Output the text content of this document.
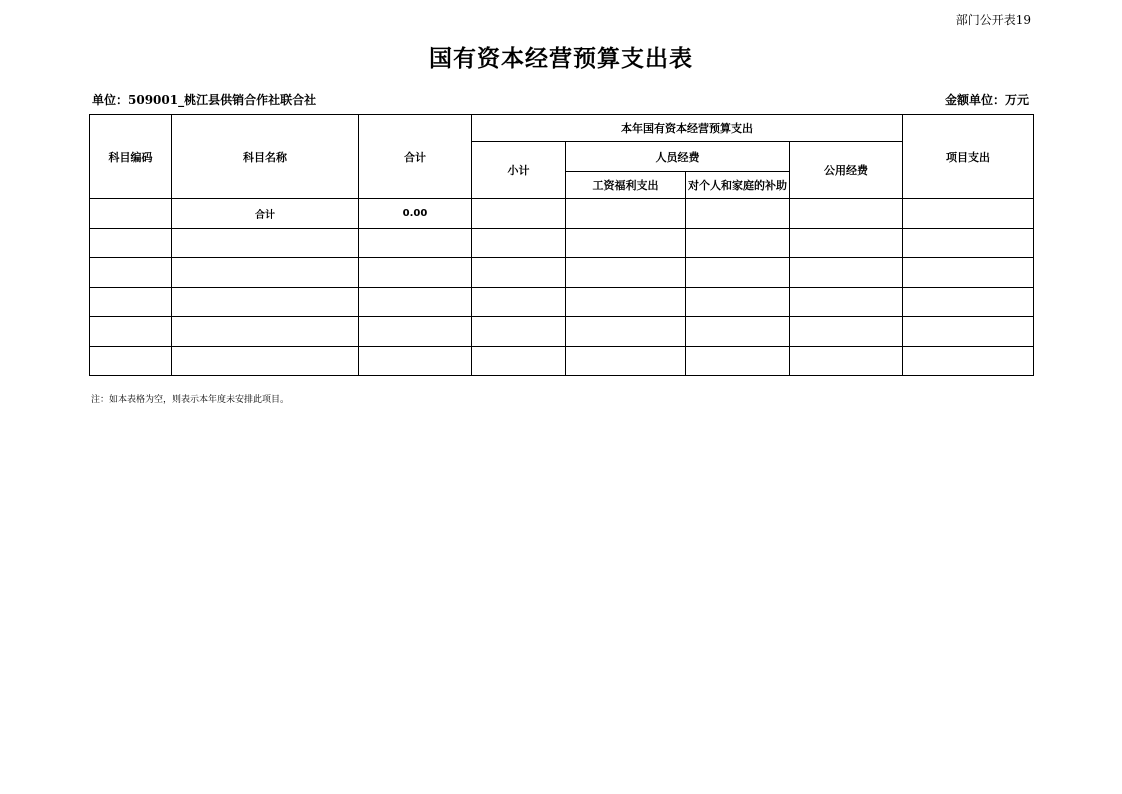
部门公开表19
国有资本经营预算支出表
单位：509001_桃江县供销合作社联合社	金额单位：万元
科目编码	科目名称	合计	本年国有资本经营预算支出				项目支出
			小计	人员经费		公用经费	
				工资福利支出	对个人和家庭的补助		
	合计	0.00					

注：如本表格为空，则表示本年度未安排此项目。
